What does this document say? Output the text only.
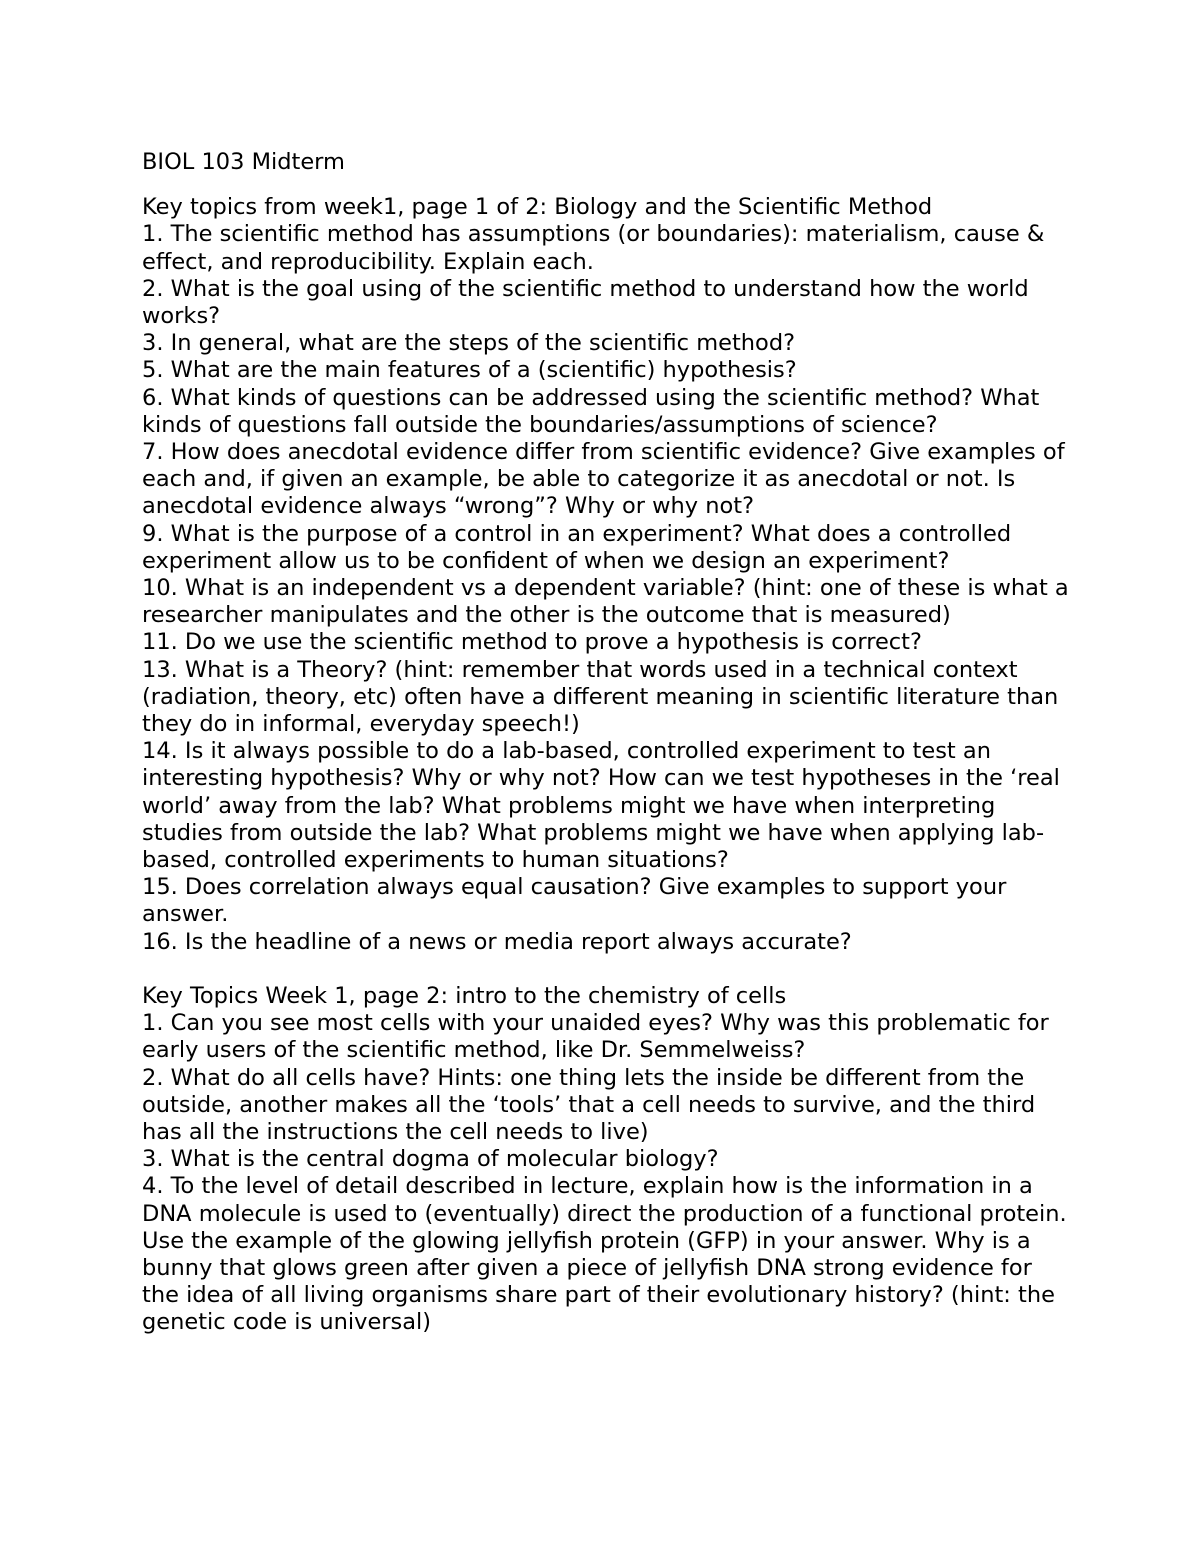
BIOL 103 Midterm

Key topics from week1, page 1 of 2: Biology and the Scientific Method

1. The scientific method has assumptions (or boundaries): materialism, cause & effect, and reproducibility. Explain each.

2. What is the goal using of the scientific method to understand how the world works?

3. In general, what are the steps of the scientific method?

5. What are the main features of a (scientific) hypothesis?

6. What kinds of questions can be addressed using the scientific method? What kinds of questions fall outside the boundaries/assumptions of science?

7. How does anecdotal evidence differ from scientific evidence? Give examples of each and, if given an example, be able to categorize it as anecdotal or not. Is anecdotal evidence always “wrong”? Why or why not?

9. What is the purpose of a control in an experiment? What does a controlled experiment allow us to be confident of when we design an experiment?

10. What is an independent vs a dependent variable? (hint: one of these is what a researcher manipulates and the other is the outcome that is measured)

11. Do we use the scientific method to prove a hypothesis is correct?

13. What is a Theory? (hint: remember that words used in a technical context (radiation, theory, etc) often have a different meaning in scientific literature than they do in informal, everyday speech!)

14. Is it always possible to do a lab-based, controlled experiment to test an interesting hypothesis? Why or why not? How can we test hypotheses in the ‘real world’ away from the lab? What problems might we have when interpreting studies from outside the lab? What problems might we have when applying lab-based, controlled experiments to human situations?

15. Does correlation always equal causation? Give examples to support your answer.

16. Is the headline of a news or media report always accurate?

Key Topics Week 1, page 2: intro to the chemistry of cells

1. Can you see most cells with your unaided eyes? Why was this problematic for early users of the scientific method, like Dr. Semmelweiss?

2. What do all cells have? Hints: one thing lets the inside be different from the outside, another makes all the ‘tools’ that a cell needs to survive, and the third has all the instructions the cell needs to live)

3. What is the central dogma of molecular biology?

4. To the level of detail described in lecture, explain how is the information in a DNA molecule is used to (eventually) direct the production of a functional protein. Use the example of the glowing jellyfish protein (GFP) in your answer. Why is a bunny that glows green after given a piece of jellyfish DNA strong evidence for the idea of all living organisms share part of their evolutionary history? (hint: the genetic code is universal)
